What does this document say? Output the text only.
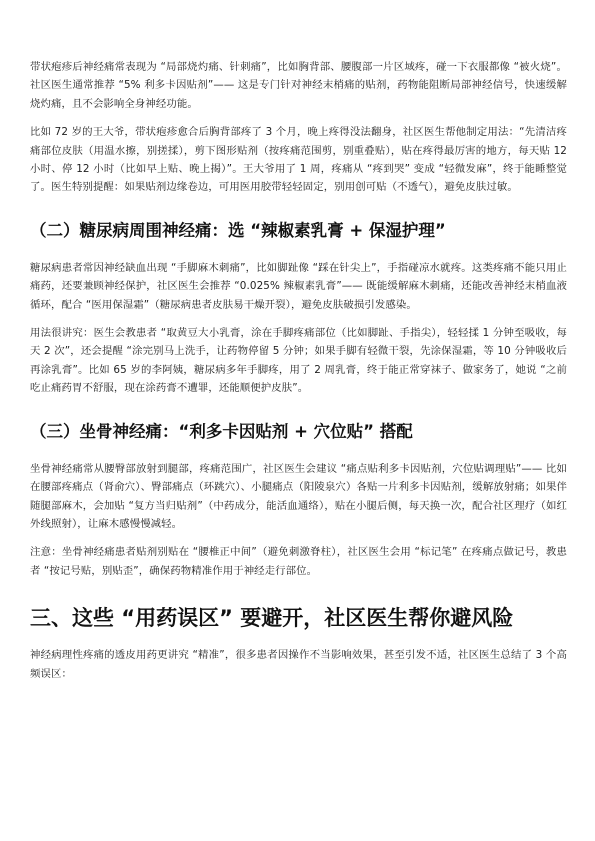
带状疱疹后神经痛常表现为 “局部烧灼痛、针刺痛”，比如胸背部、腰腹部一片区域疼，碰一下衣服都像 “被火烧”。社区医生通常推荐 “5% 利多卡因贴剂”—— 这是专门针对神经末梢痛的贴剂，药物能阻断局部神经信号，快速缓解烧灼痛，且不会影响全身神经功能。

比如 72 岁的王大爷，带状疱疹愈合后胸背部疼了 3 个月，晚上疼得没法翻身，社区医生帮他制定用法：“先清洁疼痛部位皮肤（用温水擦，别搓揉），剪下图形贴剂（按疼痛范围剪，别重叠贴），贴在疼得最厉害的地方，每天贴 12 小时、停 12 小时（比如早上贴、晚上揭）”。王大爷用了 1 周，疼痛从 “疼到哭” 变成 “轻微发麻”，终于能睡整觉了。医生特别提醒：如果贴剂边缘卷边，可用医用胶带轻轻固定，别用创可贴（不透气），避免皮肤过敏。

（二）糖尿病周围神经痛：选 “辣椒素乳膏 + 保湿护理”

糖尿病患者常因神经缺血出现 “手脚麻木刺痛”，比如脚趾像 “踩在针尖上”，手指碰凉水就疼。这类疼痛不能只用止痛药，还要兼顾神经保护，社区医生会推荐 “0.025% 辣椒素乳膏”—— 既能缓解麻木刺痛，还能改善神经末梢血液循环，配合 “医用保湿霜”（糖尿病患者皮肤易干燥开裂），避免皮肤破损引发感染。

用法很讲究：医生会教患者 “取黄豆大小乳膏，涂在手脚疼痛部位（比如脚趾、手指尖），轻轻揉 1 分钟至吸收，每天 2 次”，还会提醒 “涂完别马上洗手，让药物停留 5 分钟；如果手脚有轻微干裂，先涂保湿霜，等 10 分钟吸收后再涂乳膏”。比如 65 岁的李阿姨，糖尿病多年手脚疼，用了 2 周乳膏，终于能正常穿袜子、做家务了，她说 “之前吃止痛药胃不舒服，现在涂药膏不遭罪，还能顺便护皮肤”。

（三）坐骨神经痛：“利多卡因贴剂 + 穴位贴” 搭配

坐骨神经痛常从腰臀部放射到腿部，疼痛范围广，社区医生会建议 “痛点贴利多卡因贴剂，穴位贴调理贴”—— 比如在腰部疼痛点（肾俞穴）、臀部痛点（环跳穴）、小腿痛点（阳陵泉穴）各贴一片利多卡因贴剂，缓解放射痛；如果伴随腿部麻木，会加贴 “复方当归贴剂”（中药成分，能活血通络），贴在小腿后侧，每天换一次，配合社区理疗（如红外线照射），让麻木感慢慢减轻。

注意：坐骨神经痛患者贴剂别贴在 “腰椎正中间”（避免刺激脊柱），社区医生会用 “标记笔” 在疼痛点做记号，教患者 “按记号贴，别贴歪”，确保药物精准作用于神经走行部位。

三、这些 “用药误区” 要避开，社区医生帮你避风险

神经病理性疼痛的透皮用药更讲究 “精准”，很多患者因操作不当影响效果，甚至引发不适，社区医生总结了 3 个高频误区：
